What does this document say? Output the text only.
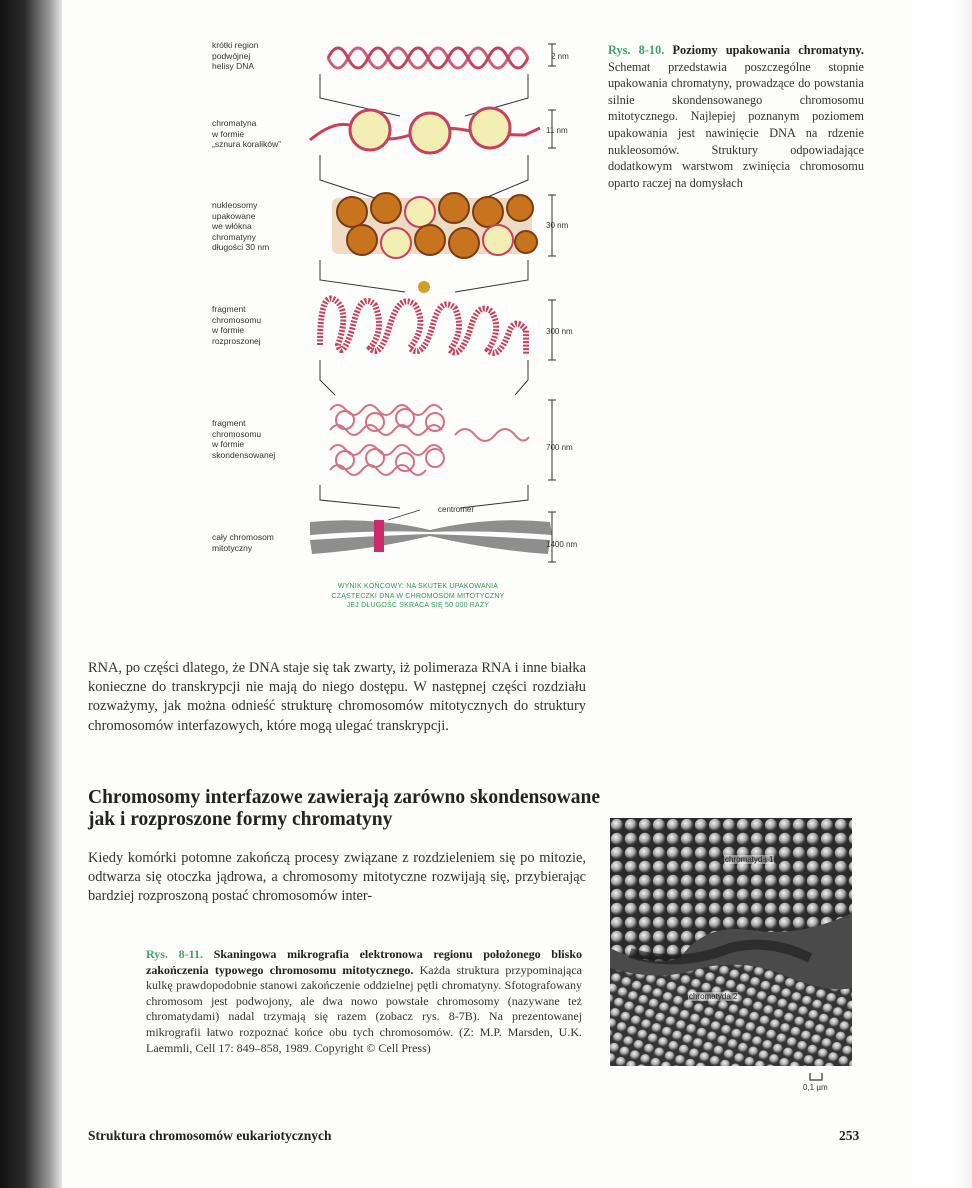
krótki region
podwójnej
helisy DNA
chromatyna
w formie
„sznura koralików”
nukleosomy
upakowane
we włókna
chromatyny
długości 30 nm
fragment
chromosomu
w formie
rozproszonej
fragment
chromosomu
w formie
skondensowanej
cały chromosom
mitotyczny
2 nm
11 nm
30 nm
300 nm
700 nm
1400 nm
centromer
WYNIK KOŃCOWY: NA SKUTEK UPAKOWANIA
CZĄSTECZKI DNA W CHROMOSOM MITOTYCZNY
JEJ DŁUGOŚĆ SKRACA SIĘ 50 000 RAZY
Rys. 8-10. Poziomy upakowania chromatyny. Schemat przedstawia poszczególne stopnie upakowania chromatyny, prowadzące do powstania silnie skondensowanego chromosomu mitotycznego. Najlepiej poznanym poziomem upakowania jest nawinięcie DNA na rdzenie nukleosomów. Struktury odpowiadające dodatkowym warstwom zwinięcia chromosomu oparto raczej na domysłach
RNA, po części dlatego, że DNA staje się tak zwarty, iż polimeraza RNA i inne białka konieczne do transkrypcji nie mają do niego dostępu. W następnej części rozdziału rozważymy, jak można odnieść strukturę chromosomów mitotycznych do struktury chromosomów interfazowych, które mogą ulegać transkrypcji.
Chromosomy interfazowe zawierają zarówno skondensowane jak i rozproszone formy chromatyny
Kiedy komórki potomne zakończą procesy związane z rozdzieleniem się po mitozie, odtwarza się otoczka jądrowa, a chromosomy mitotyczne rozwijają się, przybierając bardziej rozproszoną postać chromosomów inter-
Rys. 8-11. Skaningowa mikrografia elektronowa regionu położonego blisko zakończenia typowego chromosomu mitotycznego. Każda struktura przypominająca kulkę prawdopodobnie stanowi zakończenie oddzielnej pętli chromatyny. Sfotografowany chromosom jest podwojony, ale dwa nowo powstałe chromosomy (nazywane też chromatydami) nadal trzymają się razem (zobacz rys. 8-7B). Na prezentowanej mikrografii łatwo rozpoznać końce obu tych chromosomów. (Z: M.P. Marsden, U.K. Laemmli, Cell 17: 849–858, 1989. Copyright © Cell Press)
chromatyda 1
chromatyda 2
0,1 µm
Struktura chromosomów eukariotycznych	253
